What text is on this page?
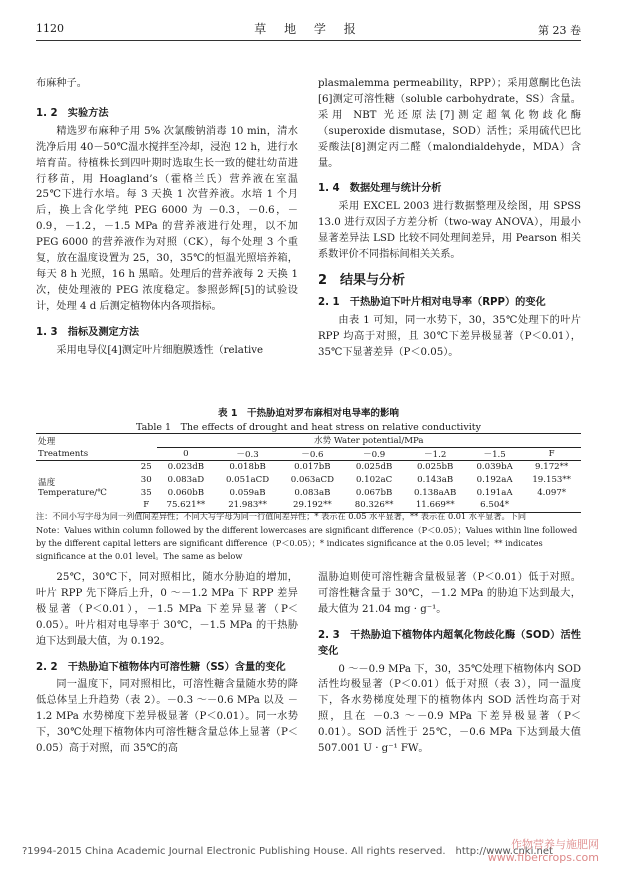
1120	草 地 学 报	第 23 卷

布麻种子。

1. 2　实验方法

精选罗布麻种子用 5% 次氯酸钠消毒 10 min，清水洗净后用 40－50℃温水搅拌至冷却，浸泡 12 h，进行水培育苗。待植株长到四叶期时选取生长一致的健壮幼苗进行移苗，用 Hoagland’s（霍格兰氏）营养液在室温 25℃下进行水培。每 3 天换 1 次营养液。水培 1 个月后，换上含化学纯 PEG 6000 为 －0.3，－0.6，－0.9，－1.2，－1.5 MPa 的营养液进行处理，以不加 PEG 6000 的营养液作为对照（CK），每个处理 3 个重复，放在温度设置为 25，30，35℃的恒温光照培养箱，每天 8 h 光照，16 h 黑暗。处理后的营养液每 2 天换 1 次，使处理液的 PEG 浓度稳定。参照彭辉[5]的试验设计，处理 4 d 后测定植物体内各项指标。

1. 3　指标及测定方法

采用电导仪[4]测定叶片细胞膜透性（relative

plasmalemma permeability，RPP）；采用蒽酮比色法[6]测定可溶性糖（soluble carbohydrate，SS）含量。采用 NBT 光还原法[7]测定超氧化物歧化酶（superoxide dismutase，SOD）活性；采用硫代巴比妥酸法[8]测定丙二醛（malondialdehyde，MDA）含量。

1. 4　数据处理与统计分析

采用 EXCEL 2003 进行数据整理及绘图，用 SPSS 13.0 进行双因子方差分析（two-way ANOVA），用最小显著差异法 LSD 比较不同处理间差异，用 Pearson 相关系数评价不同指标间相关关系。

2　结果与分析
2. 1　干热胁迫下叶片相对电导率（RPP）的变化

由表 1 可知，同一水势下，30，35℃处理下的叶片 RPP 均高于对照，且 30℃下差异极显著（P＜0.01），35℃下显著差异（P＜0.05）。

表 1　干热胁迫对罗布麻相对电导率的影响
Table 1　The effects of drought and heat stress on relative conductivity
处理		水势 Water potential/MPa						
Treatments		0	－0.3	－0.6	－0.9	－1.2	－1.5	F

温度
Temperature/℃	25	0.023dB	0.018bB	0.017bB	0.025dB	0.025bB	0.039bA	9.172**
	30	0.083aD	0.051aCD	0.063aCD	0.102aC	0.143aB	0.192aA	19.153**
	35	0.060bB	0.059aB	0.083aB	0.067bB	0.138aAB	0.191aA	4.097*
	F	75.621**	21.983**	29.192**	80.326**	11.669**	6.504*	
注：不同小写字母为同一列值间差异性；不同大写字母为同一行值间差异性；* 表示在 0.05 水平显著，** 表示在 0.01 水平显著。下同
Note：Values within column followed by the different lowercases are significant difference（P＜0.05）；Values within line followed by the different capital letters are significant difference（P＜0.05）；* indicates significance at the 0.05 level；** indicates significance at the 0.01 level。The same as below

25℃，30℃下，同对照相比，随水分胁迫的增加，叶片 RPP 先下降后上升，0 ～－1.2 MPa 下 RPP 差异极显著（P＜0.01），－1.5 MPa 下差异显著（P＜0.05）。叶片相对电导率于 30℃，－1.5 MPa 的干热胁迫下达到最大值，为 0.192。

2. 2　干热胁迫下植物体内可溶性糖（SS）含量的变化

同一温度下，同对照相比，可溶性糖含量随水势的降低总体呈上升趋势（表 2）。－0.3 ～－0.6 MPa 以及 －1.2 MPa 水势梯度下差异极显著（P＜0.01）。同一水势下，30℃处理下植物体内可溶性糖含量总体上显著（P＜0.05）高于对照，而 35℃的高

温胁迫则使可溶性糖含量极显著（P＜0.01）低于对照。可溶性糖含量于 30℃，－1.2 MPa 的胁迫下达到最大，最大值为 21.04 mg · g⁻¹。

2. 3　干热胁迫下植物体内超氧化物歧化酶（SOD）活性变化

0 ～－0.9 MPa 下，30，35℃处理下植物体内 SOD 活性均极显著（P＜0.01）低于对照（表 3），同一温度下，各水势梯度处理下的植物体内 SOD 活性均高于对照，且在 －0.3 ～－0.9 MPa 下差异极显著（P＜0.01）。SOD 活性于 25℃，－0.6 MPa 下达到最大值 507.001 U · g⁻¹ FW。

?1994-2015 China Academic Journal Electronic Publishing House. All rights reserved.　http://www.cnki.net
作物营养与施肥网
www.fibercrops.com
